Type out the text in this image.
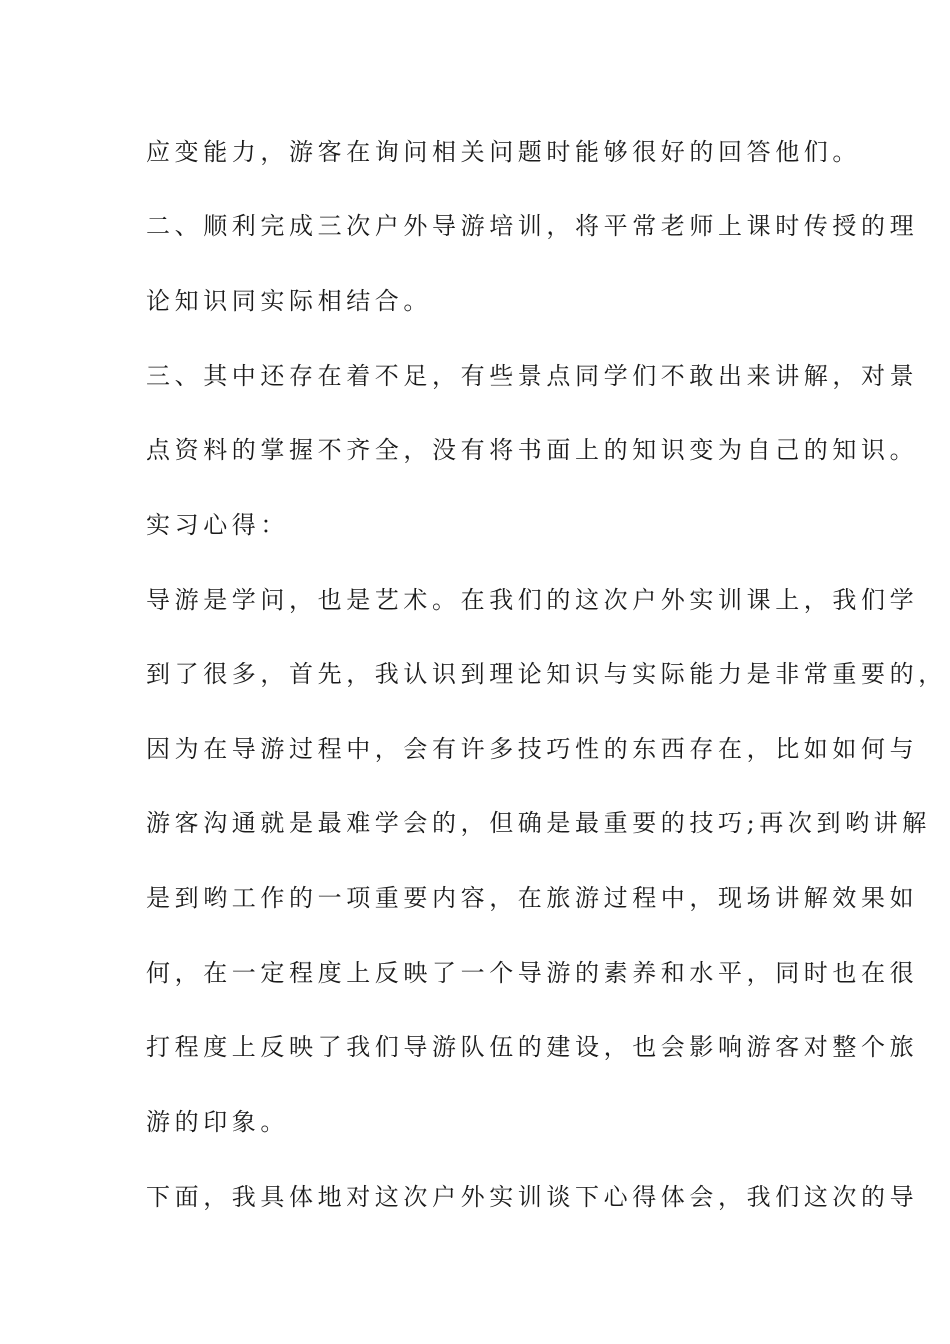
应变能力，游客在询问相关问题时能够很好的回答他们。
二、顺利完成三次户外导游培训，将平常老师上课时传授的理
论知识同实际相结合。
三、其中还存在着不足，有些景点同学们不敢出来讲解，对景
点资料的掌握不齐全，没有将书面上的知识变为自己的知识。
实习心得：
导游是学问，也是艺术。在我们的这次户外实训课上，我们学
到了很多，首先，我认识到理论知识与实际能力是非常重要的，
因为在导游过程中，会有许多技巧性的东西存在，比如如何与
游客沟通就是最难学会的，但确是最重要的技巧;再次到哟讲解
是到哟工作的一项重要内容，在旅游过程中，现场讲解效果如
何，在一定程度上反映了一个导游的素养和水平，同时也在很
打程度上反映了我们导游队伍的建设，也会影响游客对整个旅
游的印象。
下面，我具体地对这次户外实训谈下心得体会，我们这次的导
